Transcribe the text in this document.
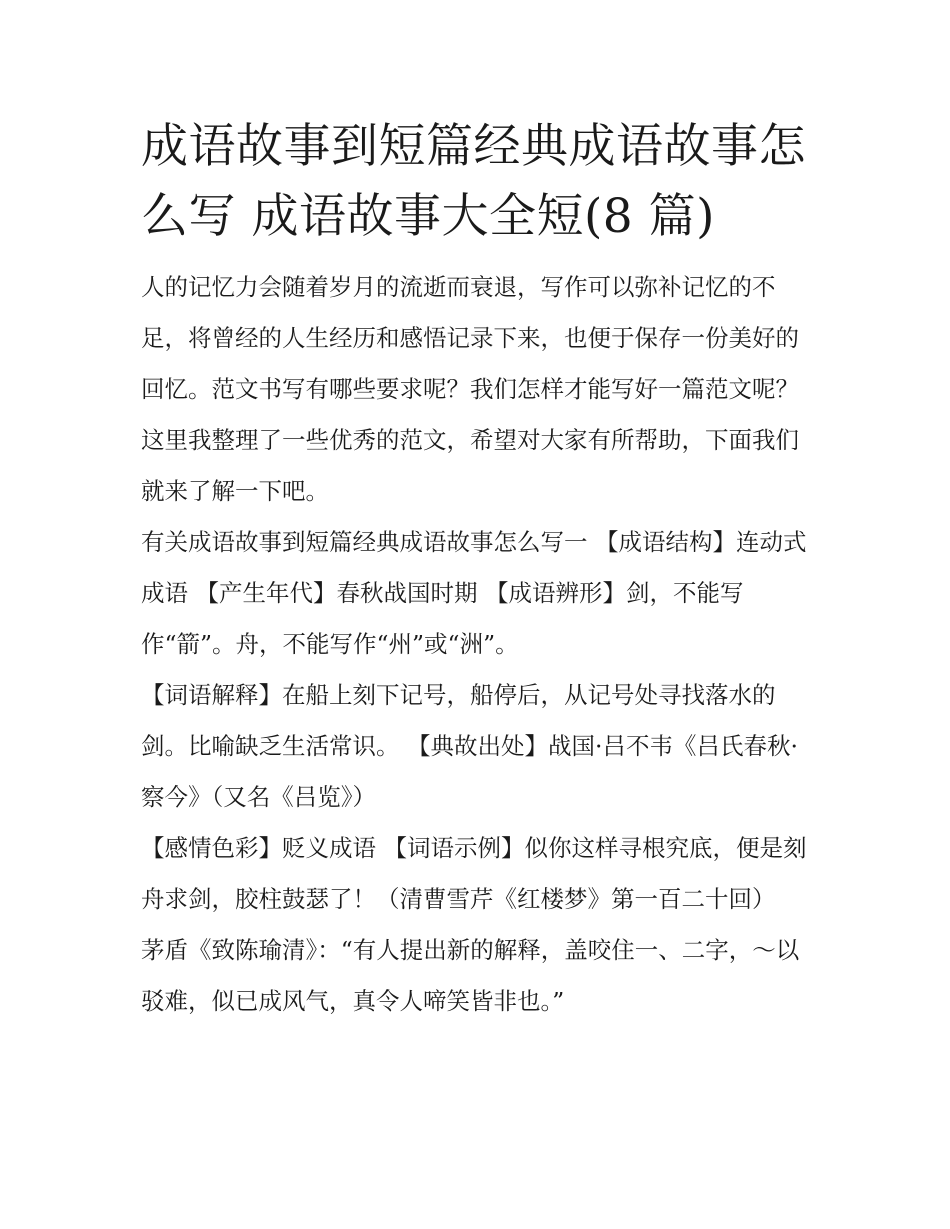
成语故事到短篇经典成语故事怎么写 成语故事大全短(8 篇)

人的记忆力会随着岁月的流逝而衰退，写作可以弥补记忆的不足，将曾经的人生经历和感悟记录下来，也便于保存一份美好的回忆。范文书写有哪些要求呢？我们怎样才能写好一篇范文呢？这里我整理了一些优秀的范文，希望对大家有所帮助，下面我们就来了解一下吧。

有关成语故事到短篇经典成语故事怎么写一 【成语结构】连动式成语 【产生年代】春秋战国时期 【成语辨形】剑，不能写作“箭”。舟，不能写作“州”或“洲”。

【词语解释】在船上刻下记号，船停后，从记号处寻找落水的剑。比喻缺乏生活常识。 【典故出处】战国·吕不韦《吕氏春秋·察今》（又名《吕览》）

【感情色彩】贬义成语 【词语示例】似你这样寻根究底，便是刻舟求剑，胶柱鼓瑟了！（清曹雪芹《红楼梦》第一百二十回）

茅盾《致陈瑜清》：“有人提出新的解释，盖咬住一、二字，～以驳难，似已成风气，真令人啼笑皆非也。”
